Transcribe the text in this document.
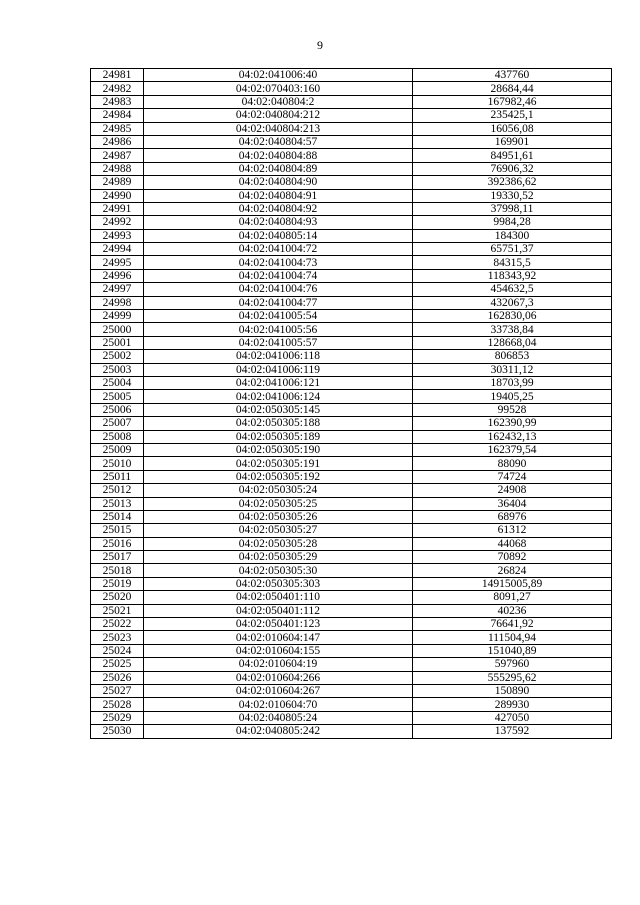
9
24981	04:02:041006:40	437760
24982	04:02:070403:160	28684,44
24983	04:02:040804:2	167982,46
24984	04:02:040804:212	235425,1
24985	04:02:040804:213	16056,08
24986	04:02:040804:57	169901
24987	04:02:040804:88	84951,61
24988	04:02:040804:89	76906,32
24989	04:02:040804:90	392386,62
24990	04:02:040804:91	19330,52
24991	04:02:040804:92	37998,11
24992	04:02:040804:93	9984,28
24993	04:02:040805:14	184300
24994	04:02:041004:72	65751,37
24995	04:02:041004:73	84315,5
24996	04:02:041004:74	118343,92
24997	04:02:041004:76	454632,5
24998	04:02:041004:77	432067,3
24999	04:02:041005:54	162830,06
25000	04:02:041005:56	33738,84
25001	04:02:041005:57	128668,04
25002	04:02:041006:118	806853
25003	04:02:041006:119	30311,12
25004	04:02:041006:121	18703,99
25005	04:02:041006:124	19405,25
25006	04:02:050305:145	99528
25007	04:02:050305:188	162390,99
25008	04:02:050305:189	162432,13
25009	04:02:050305:190	162379,54
25010	04:02:050305:191	88090
25011	04:02:050305:192	74724
25012	04:02:050305:24	24908
25013	04:02:050305:25	36404
25014	04:02:050305:26	68976
25015	04:02:050305:27	61312
25016	04:02:050305:28	44068
25017	04:02:050305:29	70892
25018	04:02:050305:30	26824
25019	04:02:050305:303	14915005,89
25020	04:02:050401:110	8091,27
25021	04:02:050401:112	40236
25022	04:02:050401:123	76641,92
25023	04:02:010604:147	111504,94
25024	04:02:010604:155	151040,89
25025	04:02:010604:19	597960
25026	04:02:010604:266	555295,62
25027	04:02:010604:267	150890
25028	04:02:010604:70	289930
25029	04:02:040805:24	427050
25030	04:02:040805:242	137592
